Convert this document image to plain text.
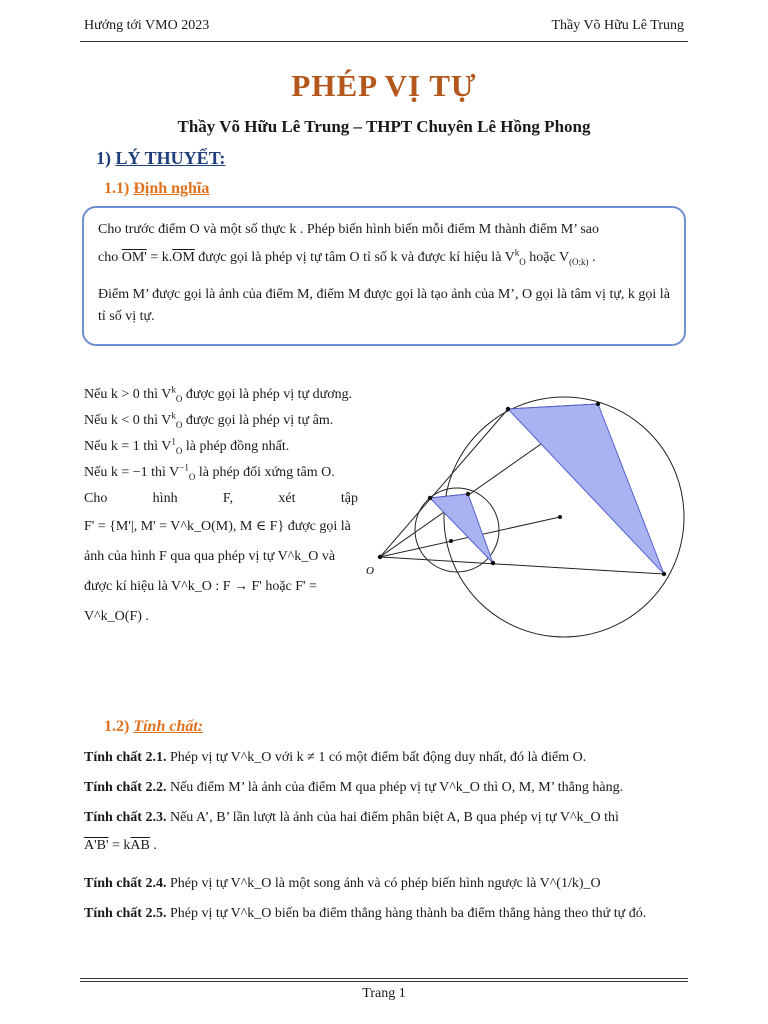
Hướng tới VMO 2023	Thầy Võ Hữu Lê Trung
PHÉP VỊ TỰ
Thầy Võ Hữu Lê Trung – THPT Chuyên Lê Hồng Phong
1) LÝ THUYẾT:
1.1) Định nghĩa
Cho trước điểm O và một số thực k . Phép biến hình biến mỗi điểm M thành điểm M’ sao
cho $OM' = k.\overline{OM}$ được gọi là phép vị tự tâm O tỉ số k và được kí hiệu là $V^k_O$ hoặc $V_{(O;k)}$ .
Điểm M’ được gọi là ảnh của điểm M, điểm M được gọi là tạo ảnh của M’, O gọi là tâm vị tự, k gọi là tỉ số vị tự.

Nếu k > 0 thì $V^k_O$ được gọi là phép vị tự dương.

Nếu k < 0 thì $V^k_O$ được gọi là phép vị tự âm.

Nếu k = 1 thì $V^1_O$ là phép đồng nhất.

Nếu k = −1 thì $V^{-1}_O$ là phép đối xứng tâm O.

Cho hình F, xét tập

F' = {M'|, M' = V^k_O(M), M ∈ F} được gọi là ảnh của hình F qua qua phép vị tự V^k_O và được kí hiệu là V^k_O : F → F' hoặc F' = V^k_O(F) .

O
1.2) Tính chất:
Tính chất 2.1. Phép vị tự V^k_O với k ≠ 1 có một điểm bất động duy nhất, đó là điểm O.
Tính chất 2.2. Nếu điểm M’ là ảnh của điểm M qua phép vị tự V^k_O thì O, M, M’ thẳng hàng.
Tính chất 2.3. Nếu A’, B’ lần lượt là ảnh của hai điểm phân biệt A, B qua phép vị tự V^k_O thì
$A'B' = k\overline{AB}$ .
Tính chất 2.4. Phép vị tự V^k_O là một song ánh và có phép biến hình ngược là V^(1/k)_O
Tính chất 2.5. Phép vị tự V^k_O biến ba điểm thẳng hàng thành ba điểm thẳng hàng theo thứ tự đó.
Trang 1
